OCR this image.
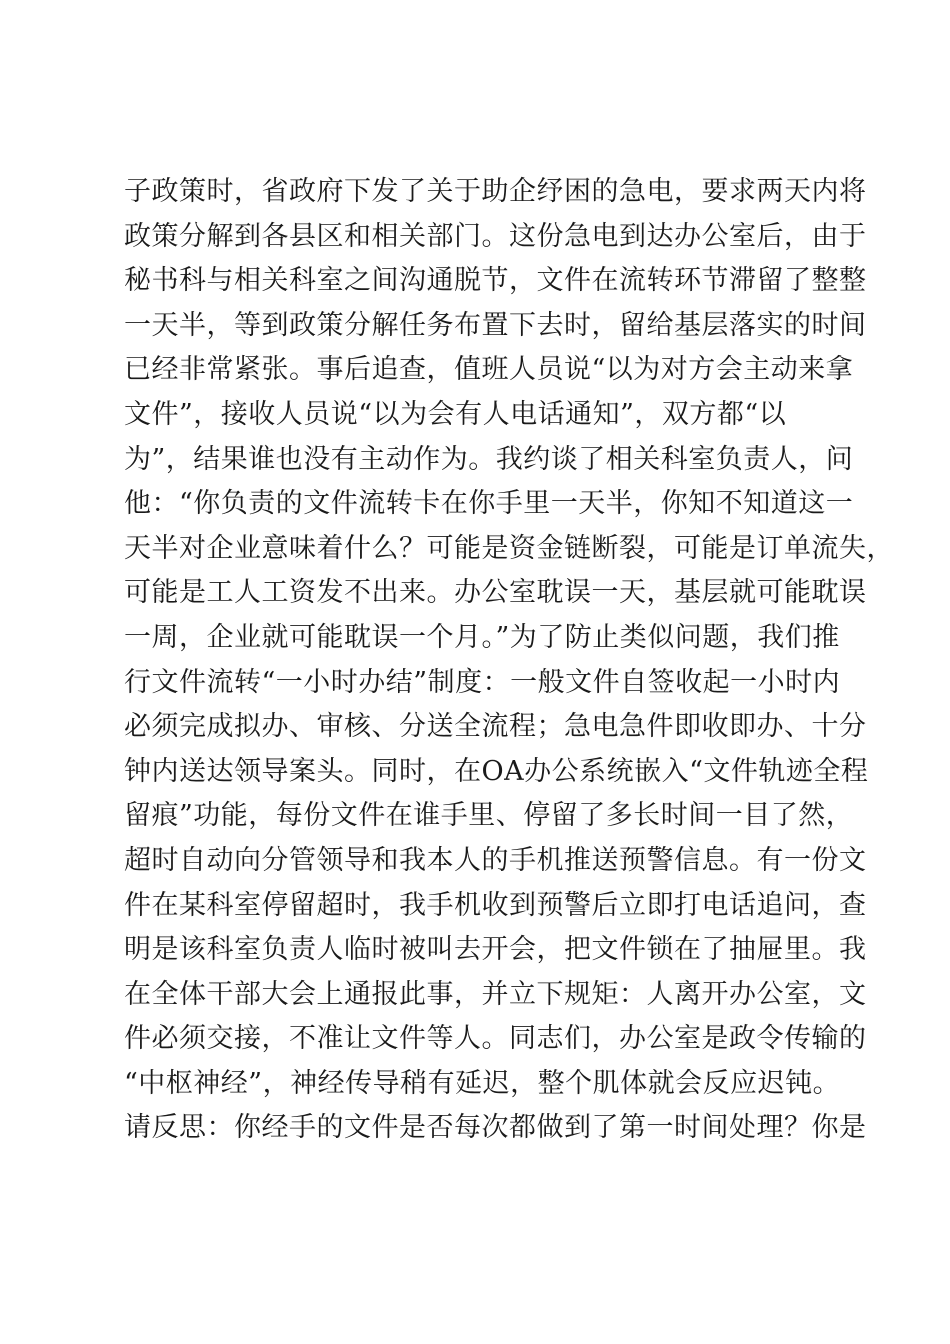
子政策时，省政府下发了关于助企纾困的急电，要求两天内将
政策分解到各县区和相关部门。这份急电到达办公室后，由于
秘书科与相关科室之间沟通脱节，文件在流转环节滞留了整整
一天半，等到政策分解任务布置下去时，留给基层落实的时间
已经非常紧张。事后追查，值班人员说“以为对方会主动来拿
文件”，接收人员说“以为会有人电话通知”，双方都“以
为”，结果谁也没有主动作为。我约谈了相关科室负责人，问
他：“你负责的文件流转卡在你手里一天半，你知不知道这一
天半对企业意味着什么？可能是资金链断裂，可能是订单流失，
可能是工人工资发不出来。办公室耽误一天，基层就可能耽误
一周，企业就可能耽误一个月。”为了防止类似问题，我们推
行文件流转“一小时办结”制度：一般文件自签收起一小时内
必须完成拟办、审核、分送全流程；急电急件即收即办、十分
钟内送达领导案头。同时，在OA办公系统嵌入“文件轨迹全程
留痕”功能，每份文件在谁手里、停留了多长时间一目了然，
超时自动向分管领导和我本人的手机推送预警信息。有一份文
件在某科室停留超时，我手机收到预警后立即打电话追问，查
明是该科室负责人临时被叫去开会，把文件锁在了抽屉里。我
在全体干部大会上通报此事，并立下规矩：人离开办公室，文
件必须交接，不准让文件等人。同志们，办公室是政令传输的
“中枢神经”，神经传导稍有延迟，整个肌体就会反应迟钝。
请反思：你经手的文件是否每次都做到了第一时间处理？你是
